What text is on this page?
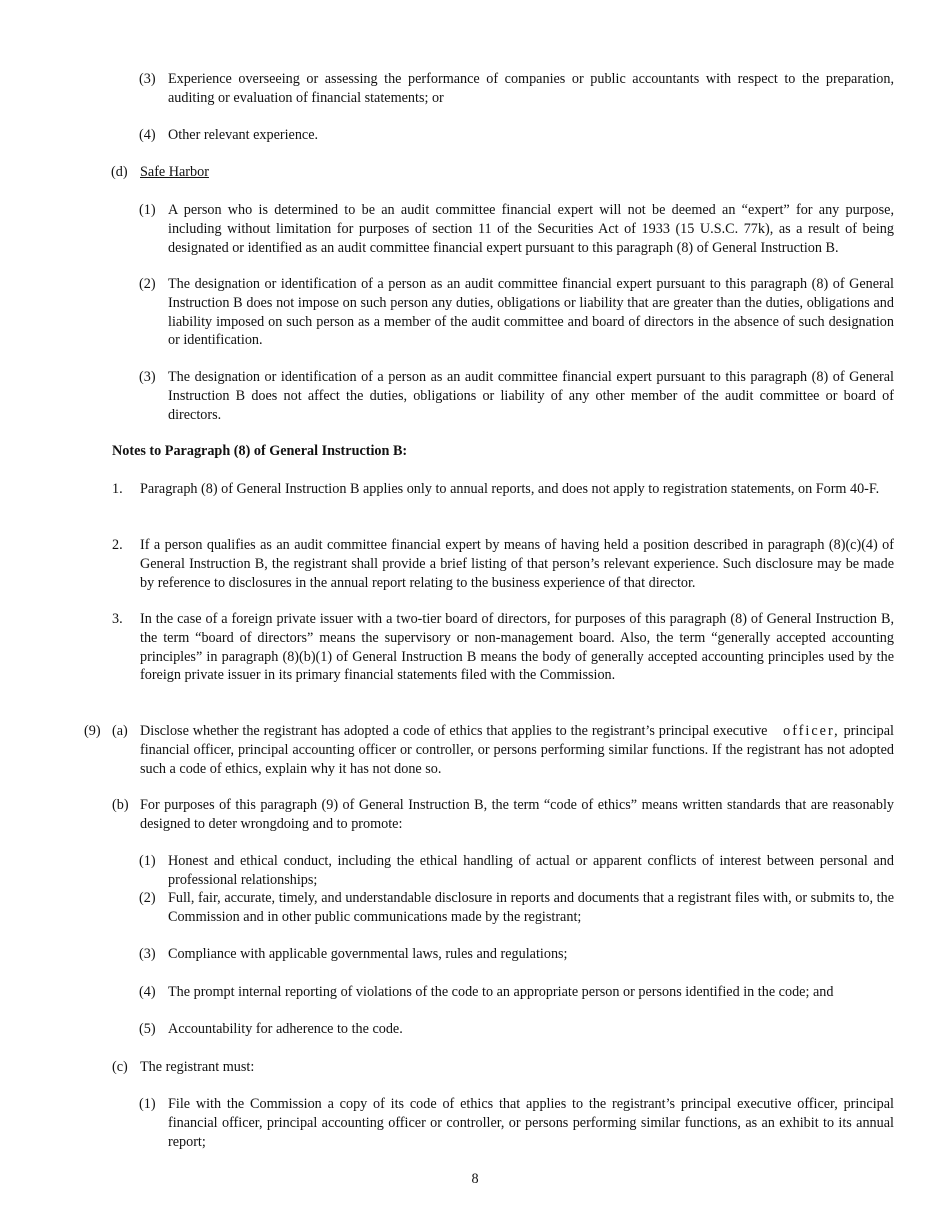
(3) Experience overseeing or assessing the performance of companies or public accountants with respect to the preparation, auditing or evaluation of financial statements; or
(4) Other relevant experience.
(d) Safe Harbor
(1) A person who is determined to be an audit committee financial expert will not be deemed an “expert” for any purpose, including without limitation for purposes of section 11 of the Securities Act of 1933 (15 U.S.C. 77k), as a result of being designated or identified as an audit committee financial expert pursuant to this paragraph (8) of General Instruction B.
(2) The designation or identification of a person as an audit committee financial expert pursuant to this paragraph (8) of General Instruction B does not impose on such person any duties, obligations or liability that are greater than the duties, obligations and liability imposed on such person as a member of the audit committee and board of directors in the absence of such designation or identification.
(3) The designation or identification of a person as an audit committee financial expert pursuant to this paragraph (8) of General Instruction B does not affect the duties, obligations or liability of any other member of the audit committee or board of directors.
Notes to Paragraph (8) of General Instruction B:
1. Paragraph (8) of General Instruction B applies only to annual reports, and does not apply to registration statements, on Form 40-F.
2. If a person qualifies as an audit committee financial expert by means of having held a position described in paragraph (8)(c)(4) of General Instruction B, the registrant shall provide a brief listing of that person’s relevant experience. Such disclosure may be made by reference to disclosures in the annual report relating to the business experience of that director.
3. In the case of a foreign private issuer with a two-tier board of directors, for purposes of this paragraph (8) of General Instruction B, the term “board of directors” means the supervisory or non-management board. Also, the term “generally accepted accounting principles” in paragraph (8)(b)(1) of General Instruction B means the body of generally accepted accounting principles used by the foreign private issuer in its primary financial statements filed with the Commission.
(9) (a) Disclose whether the registrant has adopted a code of ethics that applies to the registrant’s principal executive officer, principal financial officer, principal accounting officer or controller, or persons performing similar functions. If the registrant has not adopted such a code of ethics, explain why it has not done so.
(b) For purposes of this paragraph (9) of General Instruction B, the term “code of ethics” means written standards that are reasonably designed to deter wrongdoing and to promote:
(1) Honest and ethical conduct, including the ethical handling of actual or apparent conflicts of interest between personal and professional relationships;
(2) Full, fair, accurate, timely, and understandable disclosure in reports and documents that a registrant files with, or submits to, the Commission and in other public communications made by the registrant;
(3) Compliance with applicable governmental laws, rules and regulations;
(4) The prompt internal reporting of violations of the code to an appropriate person or persons identified in the code; and
(5) Accountability for adherence to the code.
(c) The registrant must:
(1) File with the Commission a copy of its code of ethics that applies to the registrant’s principal executive officer, principal financial officer, principal accounting officer or controller, or persons performing similar functions, as an exhibit to its annual report;
8
